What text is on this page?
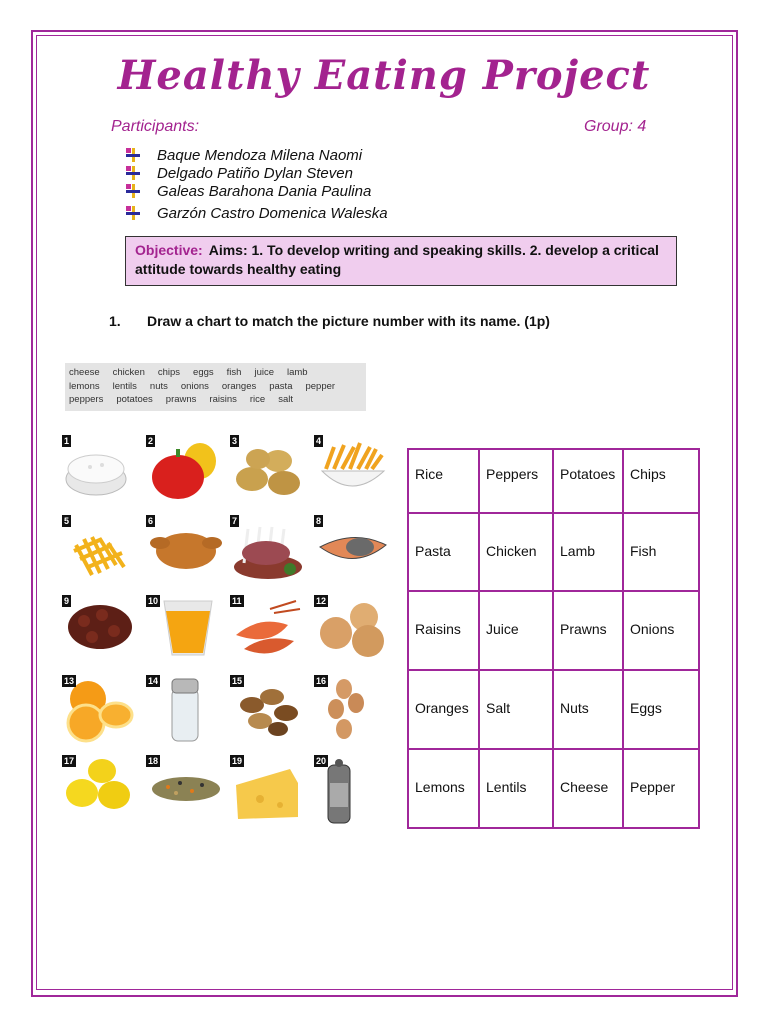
Healthy Eating Project
Participants:	Group: 4
Baque Mendoza Milena Naomi
Delgado Patiño Dylan Steven
Galeas Barahona Dania Paulina
Garzón Castro Domenica Waleska
Objective: Aims: 1. To develop writing and speaking skills. 2. develop a critical attitude towards healthy eating
1. Draw a chart to match the picture number with its name. (1p)
cheese chicken chips eggs fish juice lamb
lemons lentils nuts onions oranges pasta pepper
peppers potatoes prawns raisins rice salt
1	2	3	4
5	6	7	8
9	10	11	12
13	14	15	16
17	18	19	20
Rice	Peppers	Potatoes	Chips
Pasta	Chicken	Lamb	Fish
Raisins	Juice	Prawns	Onions
Oranges	Salt	Nuts	Eggs
Lemons	Lentils	Cheese	Pepper
